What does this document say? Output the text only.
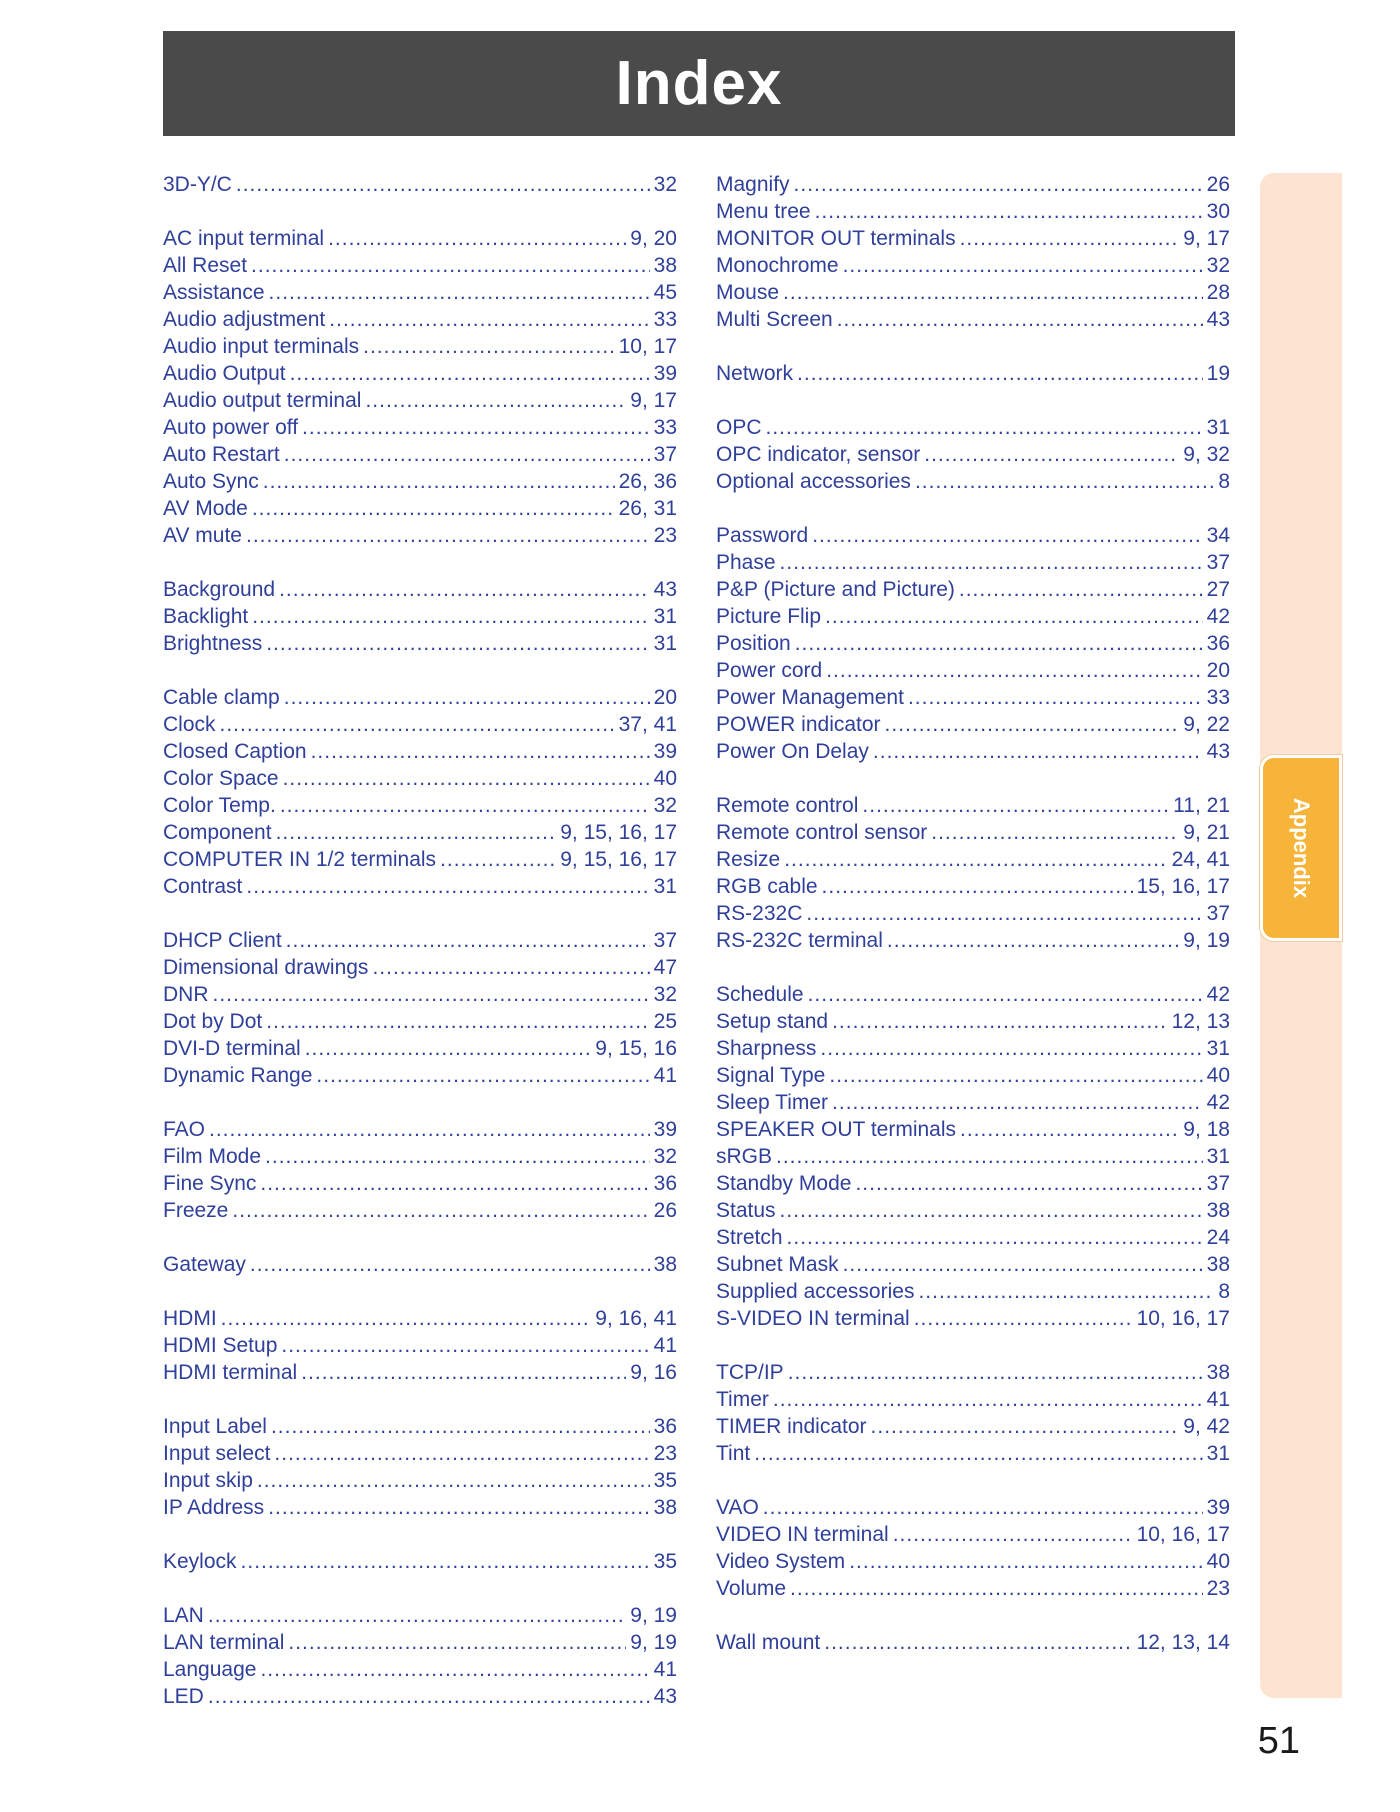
Index
3D-Y/C .....	32
AC input terminal .....	9, 20
All Reset .....	38
Assistance .....	45
Audio adjustment .....	33
Audio input terminals .....	10, 17
Audio Output .....	39
Audio output terminal .....	9, 17
Auto power off .....	33
Auto Restart .....	37
Auto Sync .....	26, 36
AV Mode .....	26, 31
AV mute .....	23
Background .....	43
Backlight .....	31
Brightness .....	31
Cable clamp .....	20
Clock .....	37, 41
Closed Caption .....	39
Color Space .....	40
Color Temp. .....	32
Component .....	9, 15, 16, 17
COMPUTER IN 1/2 terminals .....	9, 15, 16, 17
Contrast .....	31
DHCP Client .....	37
Dimensional drawings .....	47
DNR .....	32
Dot by Dot .....	25
DVI-D terminal .....	9, 15, 16
Dynamic Range .....	41
FAO .....	39
Film Mode .....	32
Fine Sync .....	36
Freeze .....	26
Gateway .....	38
HDMI .....	9, 16, 41
HDMI Setup .....	41
HDMI terminal .....	9, 16
Input Label .....	36
Input select .....	23
Input skip .....	35
IP Address .....	38
Keylock .....	35
LAN .....	9, 19
LAN terminal .....	9, 19
Language .....	41
LED .....	43
Magnify .....	26
Menu tree .....	30
MONITOR OUT terminals .....	9, 17
Monochrome .....	32
Mouse .....	28
Multi Screen .....	43
Network .....	19
OPC .....	31
OPC indicator, sensor .....	9, 32
Optional accessories .....	8
Password .....	34
Phase .....	37
P&P (Picture and Picture) .....	27
Picture Flip .....	42
Position .....	36
Power cord .....	20
Power Management .....	33
POWER indicator .....	9, 22
Power On Delay .....	43
Remote control .....	11, 21
Remote control sensor .....	9, 21
Resize .....	24, 41
RGB cable .....	15, 16, 17
RS-232C .....	37
RS-232C terminal .....	9, 19
Schedule .....	42
Setup stand .....	12, 13
Sharpness .....	31
Signal Type .....	40
Sleep Timer .....	42
SPEAKER OUT terminals .....	9, 18
sRGB .....	31
Standby Mode .....	37
Status .....	38
Stretch .....	24
Subnet Mask .....	38
Supplied accessories .....	8
S-VIDEO IN terminal .....	10, 16, 17
TCP/IP .....	38
Timer .....	41
TIMER indicator .....	9, 42
Tint .....	31
VAO .....	39
VIDEO IN terminal .....	10, 16, 17
Video System .....	40
Volume .....	23
Wall mount .....	12, 13, 14
Appendix
51
